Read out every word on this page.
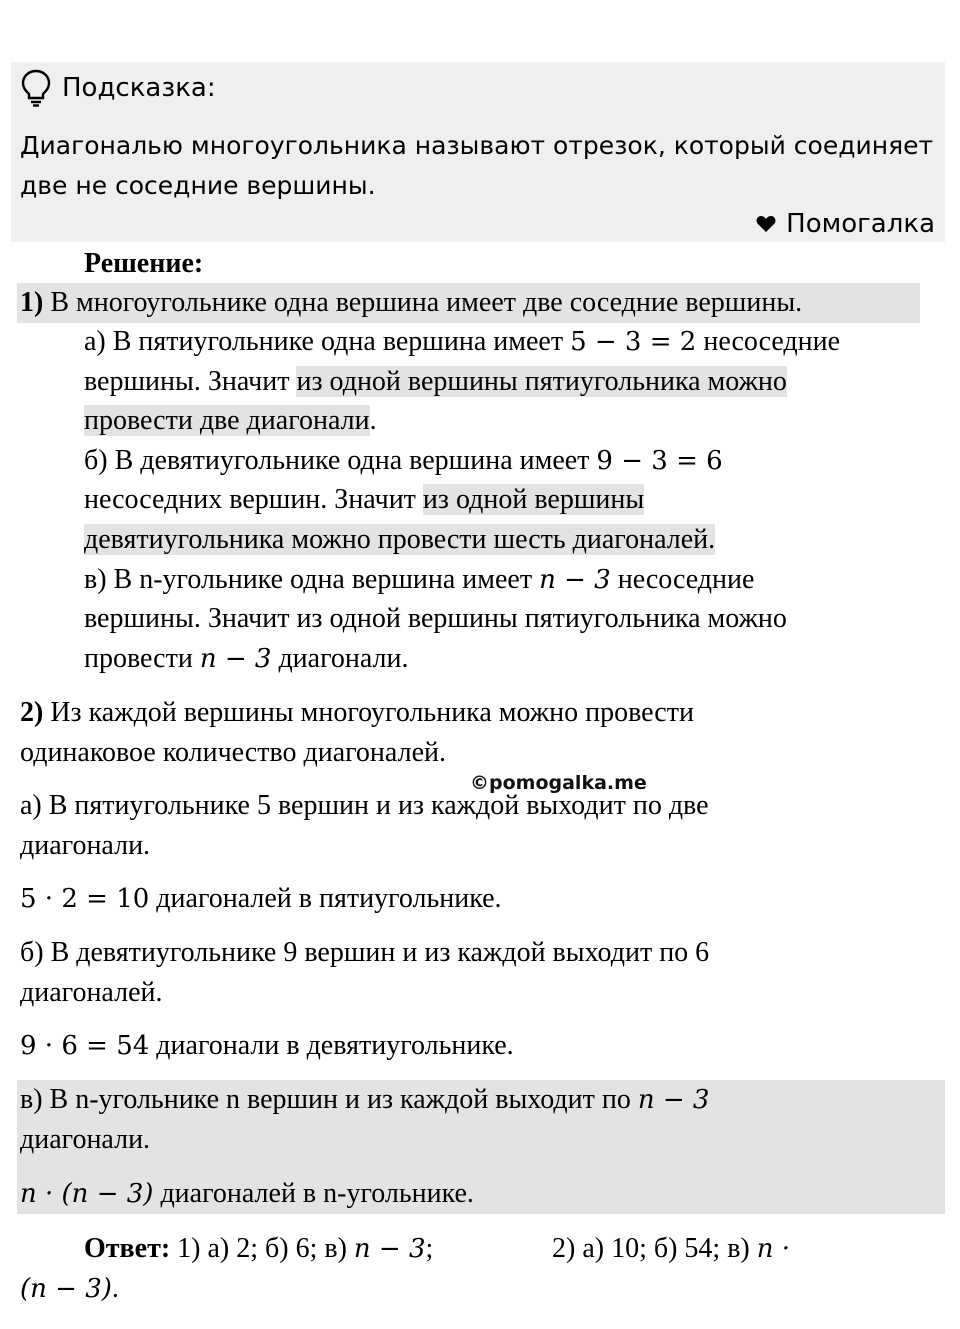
Подсказка:

Диагональю многоугольника называют отрезок, который соединяет две не соседние вершины.

Помогалка

Решение:

1) В многоугольнике одна вершина имеет две соседние вершины.

а) В пятиугольнике одна вершина имеет 5 − 3 = 2 несоседние

вершины. Значит из одной вершины пятиугольника можно

провести две диагонали.

б) В девятиугольнике одна вершина имеет 9 − 3 = 6

несоседних вершин. Значит из одной вершины

девятиугольника можно провести шесть диагоналей.

в) В n-угольнике одна вершина имеет n − 3 несоседние

вершины. Значит из одной вершины пятиугольника можно

провести n − 3 диагонали.

2) Из каждой вершины многоугольника можно провести

одинаковое количество диагоналей.

©pomogalka.me

а) В пятиугольнике 5 вершин и из каждой выходит по две

диагонали.

5 · 2 = 10 диагоналей в пятиугольнике.

б) В девятиугольнике 9 вершин и из каждой выходит по 6

диагоналей.

9 · 6 = 54 диагонали в девятиугольнике.

в) В n-угольнике n вершин и из каждой выходит по n − 3

диагонали.

n · (n − 3) диагоналей в n-угольнике.

Ответ: 1) а) 2; б) 6; в) n − 3;	2) а) 10; б) 54; в) n ·

(n − 3).
